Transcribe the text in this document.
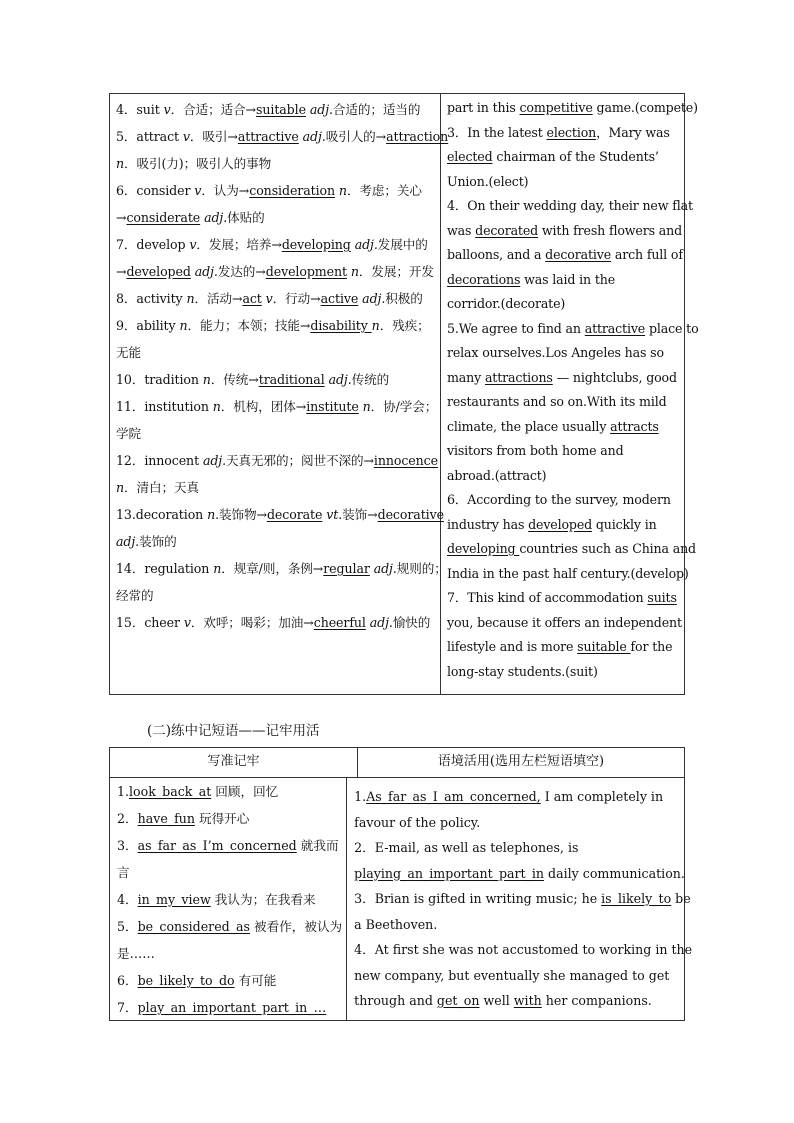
4．suit v．合适；适合→suitable adj.合适的；适当的
5．attract v．吸引→attractive adj.吸引人的→attraction
n．吸引(力)；吸引人的事物
6．consider v．认为→consideration n．考虑；关心
→considerate adj.体贴的
7．develop v．发展；培养→developing adj.发展中的
→developed adj.发达的→development n．发展；开发
8．activity n．活动→act v．行动→active adj.积极的
9．ability n．能力；本领；技能→disability n．残疾；
无能
10．tradition n．传统→traditional adj.传统的
11．institution n．机构，团体→institute n．协/学会；
学院
12．innocent adj.天真无邪的；阅世不深的→innocence
n．清白；天真
13.decoration n.装饰物→decorate vt.装饰→decorative
adj.装饰的
14．regulation n．规章/则，条例→regular adj.规则的；
经常的
15．cheer v．欢呼；喝彩；加油→cheerful adj.愉快的
part in this competitive game.(compete)
3．In the latest election，Mary was
elected chairman of the Students’
Union.(elect)
4．On their wedding day, their new flat
was decorated with fresh flowers and
balloons, and a decorative arch full of
decorations was laid in the
corridor.(decorate)
5.We agree to find an attractive place to
relax ourselves.Los Angeles has so
many attractions — nightclubs, good
restaurants and so on.With its mild
climate, the place usually attracts
visitors from both home and
abroad.(attract)
6．According to the survey, modern
industry has developed quickly in
developing countries such as China and
India in the past half century.(develop)
7．This kind of accommodation suits
you, because it offers an independent
lifestyle and is more suitable for the
long-stay students.(suit)
(二)练中记短语——记牢用活
写准记牢	语境活用(选用左栏短语填空)
1.look_back_at 回顾，回忆
2．have_fun 玩得开心
3．as_far_as_I’m_concerned 就我而
言
4．in_my_view 我认为；在我看来
5．be_considered_as 被看作，被认为
是……
6．be_likely_to_do 有可能
7．play_an_important_part_in_…
1.As_far_as_I_am_concerned, I am completely in
favour of the policy.
2．E-mail, as well as telephones, is
playing_an_important_part_in daily communication.
3．Brian is gifted in writing music; he is_likely_to be
a Beethoven.
4．At first she was not accustomed to working in the
new company, but eventually she managed to get
through and get_on well with her companions.
